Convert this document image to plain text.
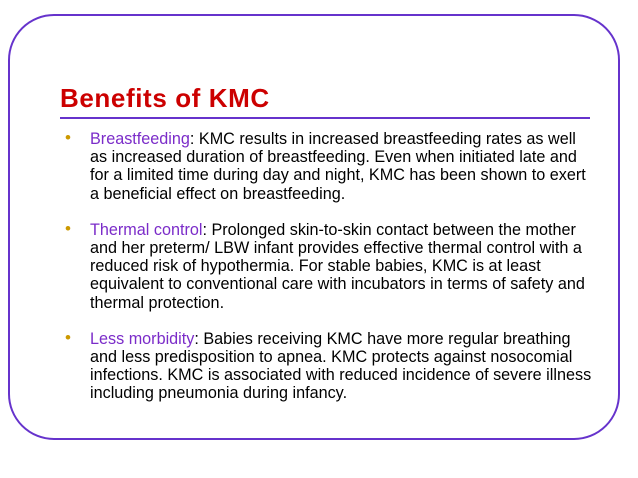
Benefits of KMC
• Breastfeeding: KMC results in increased breastfeeding rates as well as increased duration of breastfeeding. Even when initiated late and for a limited time during day and night, KMC has been shown to exert a beneficial effect on breastfeeding.
• Thermal control: Prolonged skin-to-skin contact between the mother and her preterm/ LBW infant provides effective thermal control with a reduced risk of hypothermia. For stable babies, KMC is at least equivalent to conventional care with incubators in terms of safety and thermal protection.
• Less morbidity: Babies receiving KMC have more regular breathing and less predisposition to apnea. KMC protects against nosocomial infections. KMC is associated with reduced incidence of severe illness including pneumonia during infancy.
